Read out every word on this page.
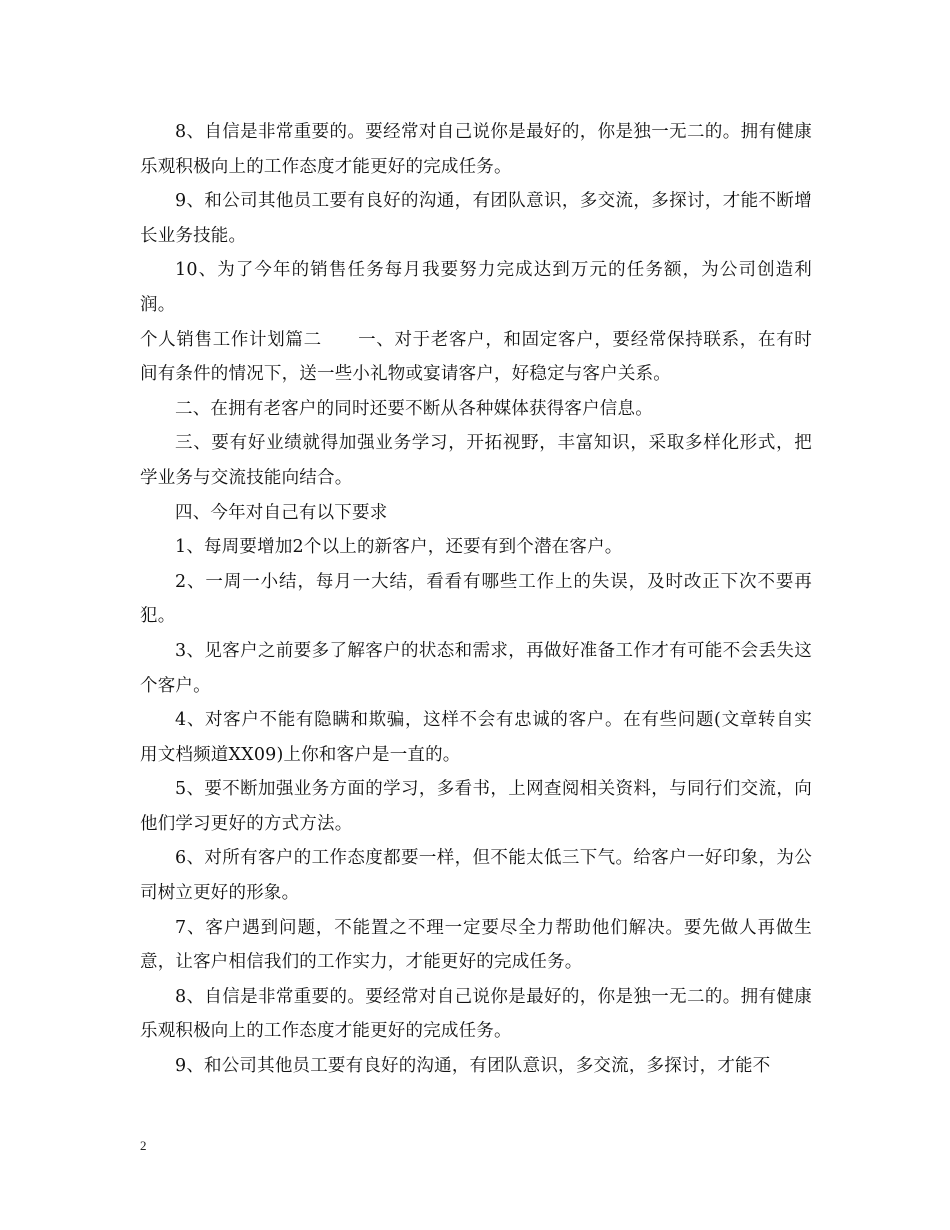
8、自信是非常重要的。要经常对自己说你是最好的，你是独一无二的。拥有健康乐观积极向上的工作态度才能更好的完成任务。

9、和公司其他员工要有良好的沟通，有团队意识，多交流，多探讨，才能不断增长业务技能。

10、为了今年的销售任务每月我要努力完成达到万元的任务额，为公司创造利润。

个人销售工作计划篇二　　一、对于老客户，和固定客户，要经常保持联系，在有时间有条件的情况下，送一些小礼物或宴请客户，好稳定与客户关系。

二、在拥有老客户的同时还要不断从各种媒体获得客户信息。

三、要有好业绩就得加强业务学习，开拓视野，丰富知识，采取多样化形式，把学业务与交流技能向结合。

四、今年对自己有以下要求

1、每周要增加2个以上的新客户，还要有到个潜在客户。

2、一周一小结，每月一大结，看看有哪些工作上的失误，及时改正下次不要再犯。

3、见客户之前要多了解客户的状态和需求，再做好准备工作才有可能不会丢失这个客户。

4、对客户不能有隐瞒和欺骗，这样不会有忠诚的客户。在有些问题(文章转自实用文档频道XX09)上你和客户是一直的。

5、要不断加强业务方面的学习，多看书，上网查阅相关资料，与同行们交流，向他们学习更好的方式方法。

6、对所有客户的工作态度都要一样，但不能太低三下气。给客户一好印象，为公司树立更好的形象。

7、客户遇到问题，不能置之不理一定要尽全力帮助他们解决。要先做人再做生意，让客户相信我们的工作实力，才能更好的完成任务。

8、自信是非常重要的。要经常对自己说你是最好的，你是独一无二的。拥有健康乐观积极向上的工作态度才能更好的完成任务。

9、和公司其他员工要有良好的沟通，有团队意识，多交流，多探讨，才能不

2
